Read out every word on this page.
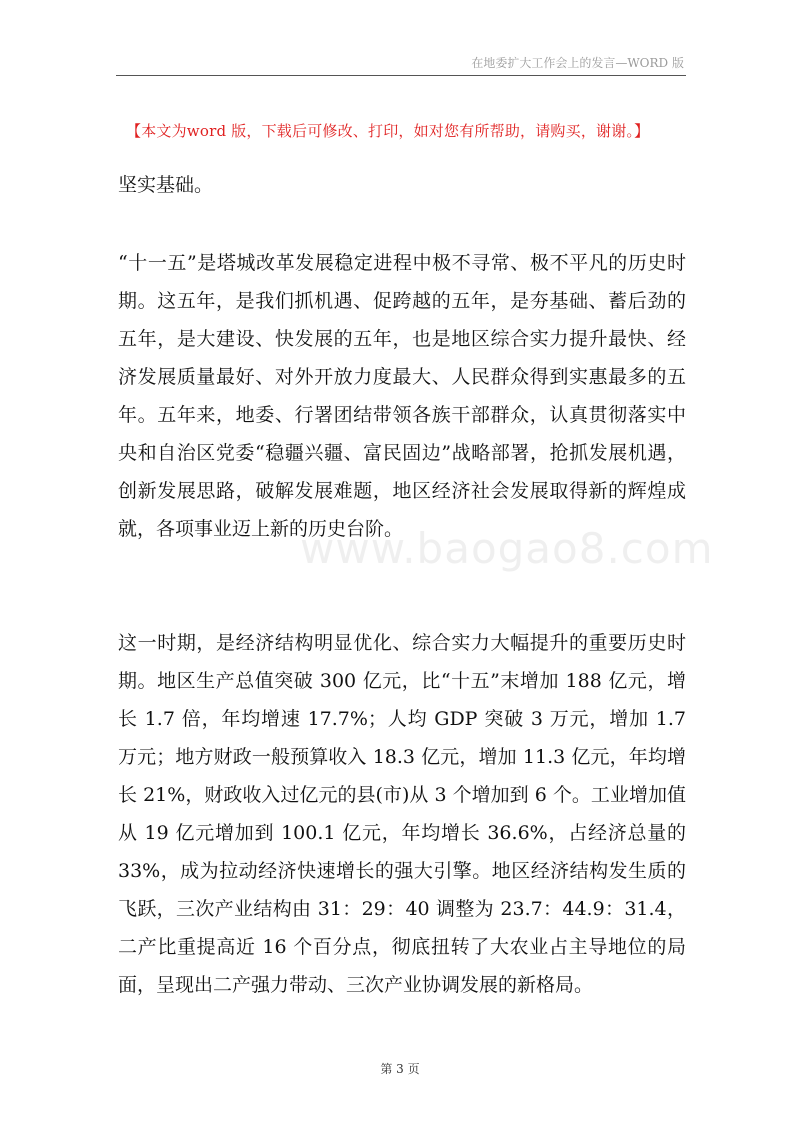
在地委扩大工作会上的发言—WORD 版
【本文为word 版，下载后可修改、打印，如对您有所帮助，请购买，谢谢。】

坚实基础。

“十一五”是塔城改革发展稳定进程中极不寻常、极不平凡的历史时期。这五年，是我们抓机遇、促跨越的五年，是夯基础、蓄后劲的五年，是大建设、快发展的五年，也是地区综合实力提升最快、经济发展质量最好、对外开放力度最大、人民群众得到实惠最多的五年。五年来，地委、行署团结带领各族干部群众，认真贯彻落实中央和自治区党委“稳疆兴疆、富民固边”战略部署，抢抓发展机遇，创新发展思路，破解发展难题，地区经济社会发展取得新的辉煌成就，各项事业迈上新的历史台阶。

这一时期，是经济结构明显优化、综合实力大幅提升的重要历史时期。地区生产总值突破 300 亿元，比“十五”末增加 188 亿元，增长 1.7 倍，年均增速 17.7%；人均 GDP 突破 3 万元，增加 1.7 万元；地方财政一般预算收入 18.3 亿元，增加 11.3 亿元，年均增长 21%，财政收入过亿元的县(市)从 3 个增加到 6 个。工业增加值从 19 亿元增加到 100.1 亿元，年均增长 36.6%，占经济总量的 33%，成为拉动经济快速增长的强大引擎。地区经济结构发生质的飞跃，三次产业结构由 31：29：40 调整为 23.7：44.9：31.4，二产比重提高近 16 个百分点，彻底扭转了大农业占主导地位的局面，呈现出二产强力带动、三次产业协调发展的新格局。

www.baogao8.com
第 3 页
